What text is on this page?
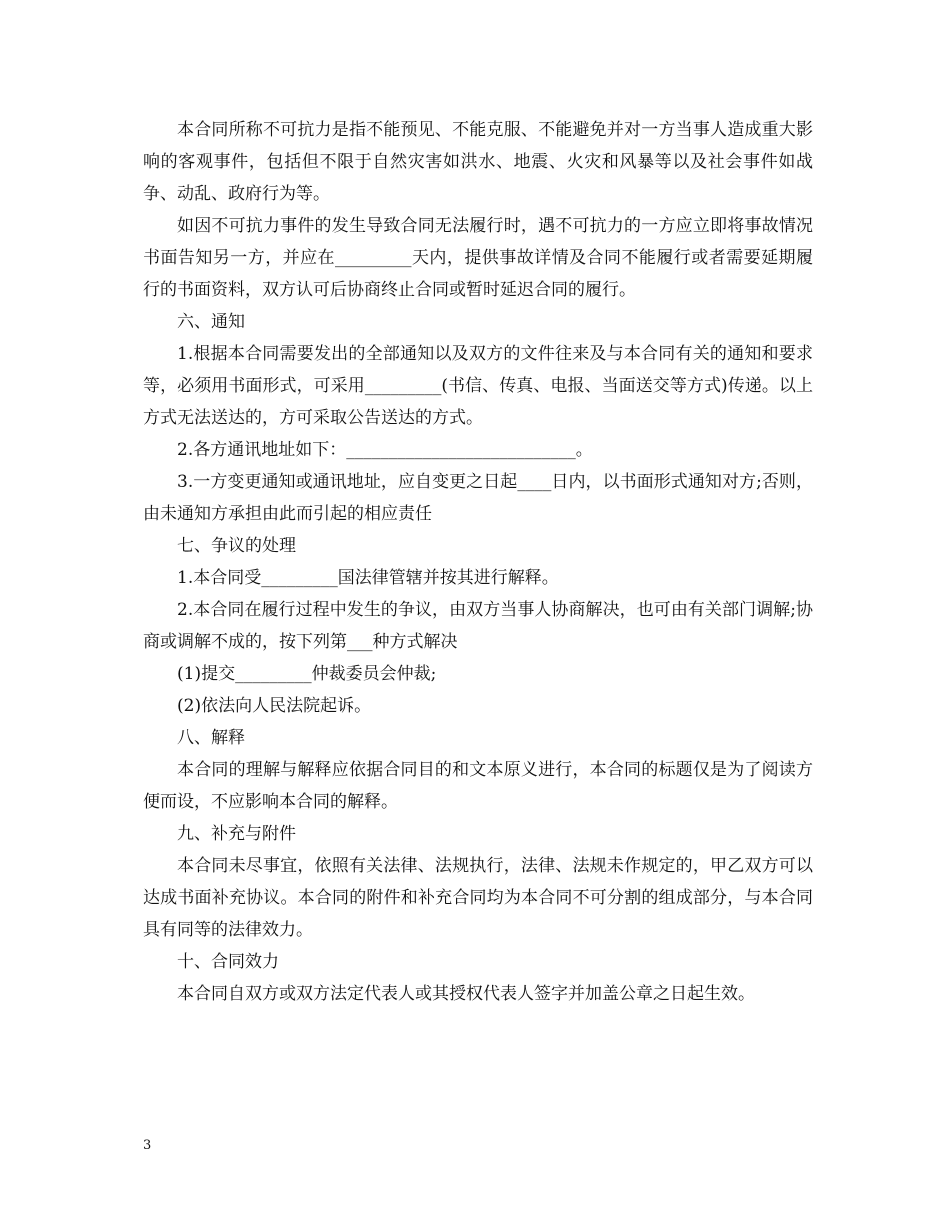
本合同所称不可抗力是指不能预见、不能克服、不能避免并对一方当事人造成重大影响的客观事件，包括但不限于自然灾害如洪水、地震、火灾和风暴等以及社会事件如战争、动乱、政府行为等。

如因不可抗力事件的发生导致合同无法履行时，遇不可抗力的一方应立即将事故情况书面告知另一方，并应在_________天内，提供事故详情及合同不能履行或者需要延期履行的书面资料，双方认可后协商终止合同或暂时延迟合同的履行。

六、通知

1.根据本合同需要发出的全部通知以及双方的文件往来及与本合同有关的通知和要求等，必须用书面形式，可采用_________(书信、传真、电报、当面送交等方式)传递。以上方式无法送达的，方可采取公告送达的方式。

2.各方通讯地址如下：___________________________。

3.一方变更通知或通讯地址，应自变更之日起____日内，以书面形式通知对方;否则，由未通知方承担由此而引起的相应责任

七、争议的处理

1.本合同受_________国法律管辖并按其进行解释。

2.本合同在履行过程中发生的争议，由双方当事人协商解决，也可由有关部门调解;协商或调解不成的，按下列第___种方式解决

(1)提交_________仲裁委员会仲裁;

(2)依法向人民法院起诉。

八、解释

本合同的理解与解释应依据合同目的和文本原义进行，本合同的标题仅是为了阅读方便而设，不应影响本合同的解释。

九、补充与附件

本合同未尽事宜，依照有关法律、法规执行，法律、法规未作规定的，甲乙双方可以达成书面补充协议。本合同的附件和补充合同均为本合同不可分割的组成部分，与本合同具有同等的法律效力。

十、合同效力

本合同自双方或双方法定代表人或其授权代表人签字并加盖公章之日起生效。

3
